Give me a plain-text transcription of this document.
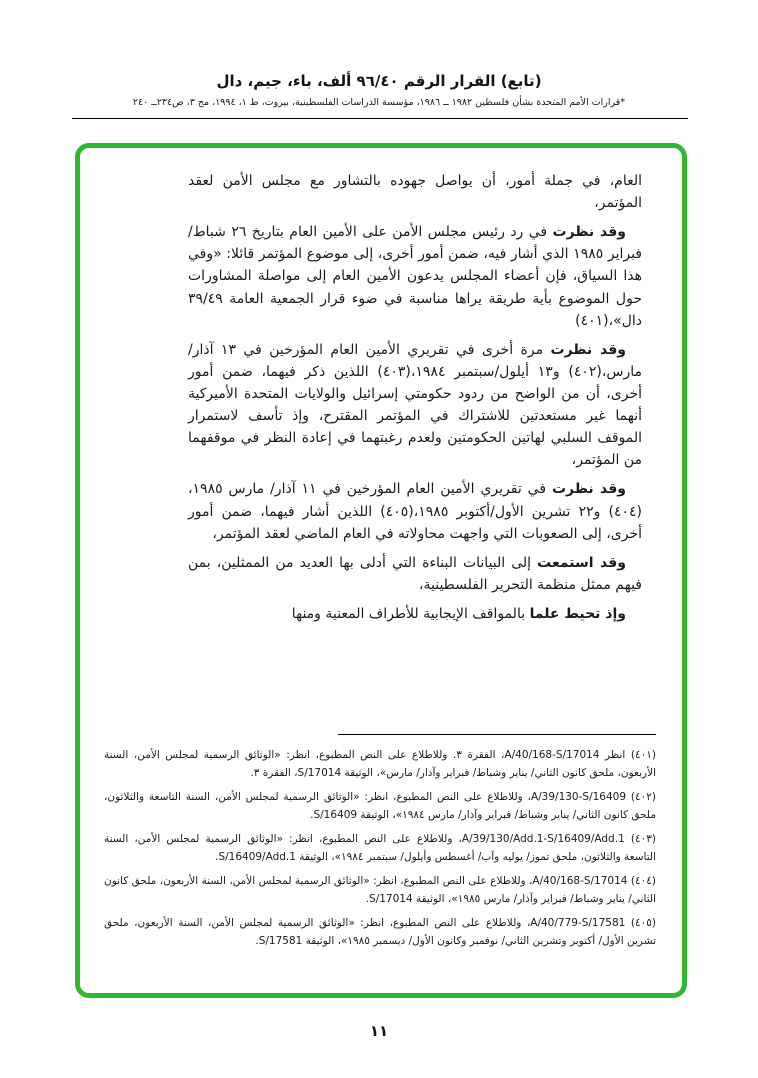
(تابع) القرار الرقم ٩٦/٤٠ ألف، باء، جيم، دال
*قرارات الأمم المتحدة بشأن فلسطين ١٩٨٢ ــ ١٩٨٦، مؤسسة الدراسات الفلسطينية، بيروت، ط ١، ١٩٩٤، مج ٣، ص٢٣٤ــ ٢٤٠

العام، في جملة أمور، أن يواصل جهوده بالتشاور مع مجلس الأمن لعقد المؤتمر،

وقد نظرت في رد رئيس مجلس الأمن على الأمين العام بتاريخ ٢٦ شباط/ فبراير ١٩٨٥ الذي أشار فيه، ضمن أمور أخرى، إلى موضوع المؤتمر قائلا: «وفي هذا السياق، فإن أعضاء المجلس يدعون الأمين العام إلى مواصلة المشاورات حول الموضوع بأية طريقة يراها مناسبة في ضوء قرار الجمعية العامة ٣٩/٤٩ دال»،(٤٠١)

وقد نظرت مرة أخرى في تقريري الأمين العام المؤرخين في ١٣ آذار/مارس،(٤٠٢) و١٣ أيلول/سبتمبر ١٩٨٤،(٤٠٣) اللذين ذكر فيهما، ضمن أمور أخرى، أن من الواضح من ردود حكومتي إسرائيل والولايات المتحدة الأميركية أنهما غير مستعدتين للاشتراك في المؤتمر المقترح، وإذ تأسف لاستمرار الموقف السلبي لهاتين الحكومتين ولعدم رغبتهما في إعادة النظر في موقفهما من المؤتمر،

وقد نظرت في تقريري الأمين العام المؤرخين في ١١ آذار/ مارس ١٩٨٥،(٤٠٤) و٢٢ تشرين الأول/أكتوبر ١٩٨٥،(٤٠٥) اللذين أشار فيهما، ضمن أمور أخرى، إلى الصعوبات التي واجهت محاولاته في العام الماضي لعقد المؤتمر،

وقد استمعت إلى البيانات البناءة التي أدلى بها العديد من الممثلين، بمن فيهم ممثل منظمة التحرير الفلسطينية،

وإذ تحيط علما بالمواقف الإيجابية للأطراف المعنية ومنها

(٤٠١) انظر A/40/168-S/17014، الفقرة ٣. وللاطلاع على النص المطبوع، انظر: «الوثائق الرسمية لمجلس الأمن، السنة الأربعون، ملحق كانون الثاني/ يناير وشباط/ فبراير وآذار/ مارس»، الوثيقة S/17014، الفقرة ٣.

(٤٠٢) A/39/130-S/16409، وللاطلاع على النص المطبوع، انظر: «الوثائق الرسمية لمجلس الأمن، السنة التاسعة والثلاثون، ملحق كانون الثاني/ يناير وشباط/ فبراير وآذار/ مارس ١٩٨٤»، الوثيقة S/16409.

(٤٠٣) A/39/130/Add.1-S/16409/Add.1، وللاطلاع على النص المطبوع، انظر: «الوثائق الرسمية لمجلس الأمن، السنة التاسعة والثلاثون، ملحق تموز/ يوليه وآب/ أغسطس وأيلول/ سبتمبر ١٩٨٤»، الوثيقة S/16409/Add.1.

(٤٠٤) A/40/168-S/17014، وللاطلاع على النص المطبوع، انظر: «الوثائق الرسمية لمجلس الأمن، السنة الأربعون، ملحق كانون الثاني/ يناير وشباط/ فبراير وآذار/ مارس ١٩٨٥»، الوثيقة S/17014.

(٤٠٥) A/40/779-S/17581، وللاطلاع على النص المطبوع، انظر: «الوثائق الرسمية لمجلس الأمن، السنة الأربعون، ملحق تشرين الأول/ أكتوبر وتشرين الثاني/ نوفمبر وكانون الأول/ ديسمبر ١٩٨٥»، الوثيقة S/17581.

١١
